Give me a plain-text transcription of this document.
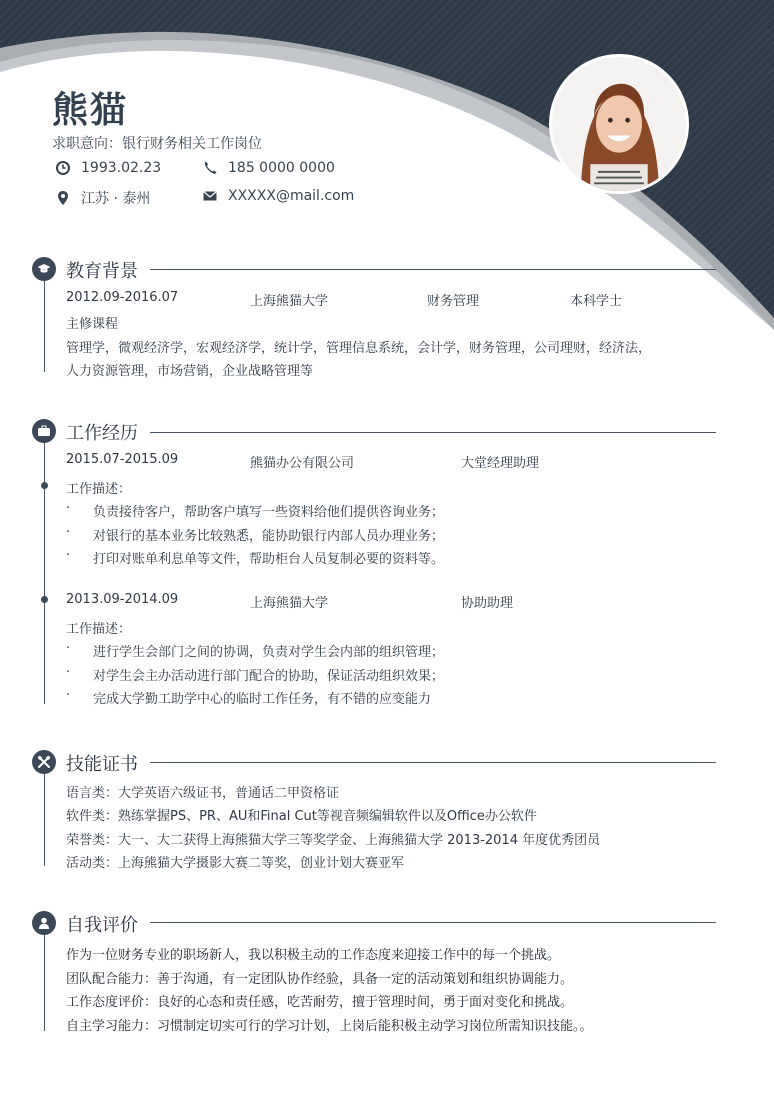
熊猫
求职意向：银行财务相关工作岗位
1993.02.23	185 0000 0000
江苏 · 泰州	XXXXX@mail.com
教育背景
2012.09-2016.07	上海熊猫大学	财务管理	本科学士
主修课程
管理学，微观经济学，宏观经济学，统计学，管理信息系统，会计学，财务管理，公司理财，经济法，
人力资源管理，市场营销，企业战略管理等
工作经历
2015.07-2015.09	熊猫办公有限公司	大堂经理助理
工作描述：
· 负责接待客户，帮助客户填写一些资料给他们提供咨询业务；
· 对银行的基本业务比较熟悉，能协助银行内部人员办理业务；
· 打印对账单利息单等文件，帮助柜台人员复制必要的资料等。
2013.09-2014.09	上海熊猫大学	协助助理
工作描述：
· 进行学生会部门之间的协调，负责对学生会内部的组织管理；
· 对学生会主办活动进行部门配合的协助，保证活动组织效果；
· 完成大学勤工助学中心的临时工作任务，有不错的应变能力
技能证书
语言类：大学英语六级证书，普通话二甲资格证
软件类：熟练掌握PS、PR、AU和Final Cut等视音频编辑软件以及Office办公软件
荣誉类：大一、大二获得上海熊猫大学三等奖学金、上海熊猫大学 2013-2014 年度优秀团员
活动类：上海熊猫大学摄影大赛二等奖，创业计划大赛亚军
自我评价
作为一位财务专业的职场新人，我以积极主动的工作态度来迎接工作中的每一个挑战。
团队配合能力：善于沟通，有一定团队协作经验，具备一定的活动策划和组织协调能力。
工作态度评价：良好的心态和责任感，吃苦耐劳，擅于管理时间，勇于面对变化和挑战。
自主学习能力：习惯制定切实可行的学习计划，上岗后能积极主动学习岗位所需知识技能。。
